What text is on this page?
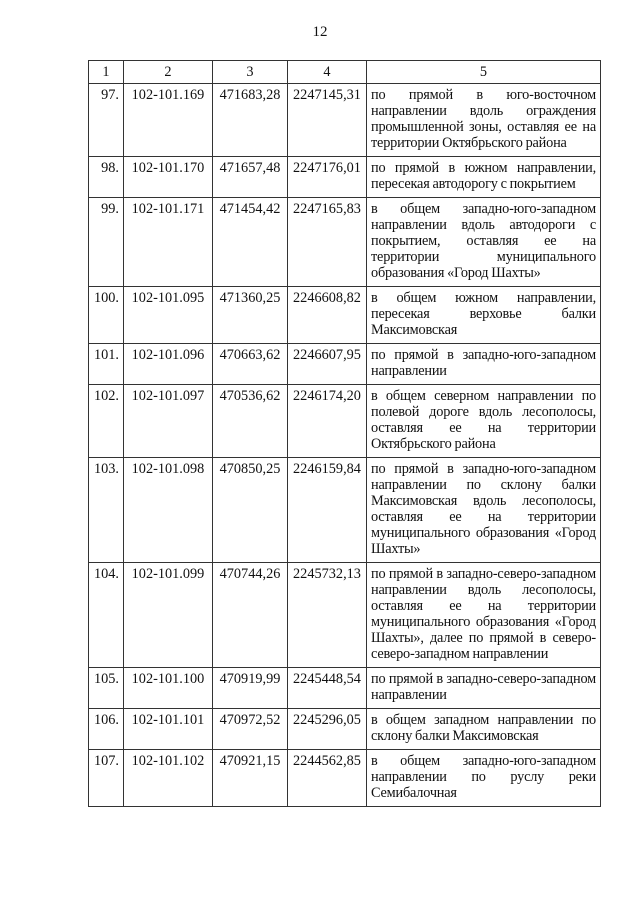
12
1	2	3	4	5
97.	102-101.169	471683,28	2247145,31	по прямой в юго-восточном направлении вдоль ограждения промышленной зоны, оставляя ее на территории Октябрьского района
98.	102-101.170	471657,48	2247176,01	по прямой в южном направлении, пересекая автодорогу с покрытием
99.	102-101.171	471454,42	2247165,83	в общем западно-юго-западном направлении вдоль автодороги с покрытием, оставляя ее на территории муниципального образования «Город Шахты»
100.	102-101.095	471360,25	2246608,82	в общем южном направлении, пересекая верховье балки Максимовская
101.	102-101.096	470663,62	2246607,95	по прямой в западно-юго-западном направлении
102.	102-101.097	470536,62	2246174,20	в общем северном направлении по полевой дороге вдоль лесополосы, оставляя ее на территории Октябрьского района
103.	102-101.098	470850,25	2246159,84	по прямой в западно-юго-западном направлении по склону балки Максимовская вдоль лесополосы, оставляя ее на территории муниципального образования «Город Шахты»
104.	102-101.099	470744,26	2245732,13	по прямой в западно-северо-западном направлении вдоль лесополосы, оставляя ее на территории муниципального образования «Город Шахты», далее по прямой в северо-северо-западном направлении
105.	102-101.100	470919,99	2245448,54	по прямой в западно-северо-западном направлении
106.	102-101.101	470972,52	2245296,05	в общем западном направлении по склону балки Максимовская
107.	102-101.102	470921,15	2244562,85	в общем западно-юго-западном направлении по руслу реки Семибалочная
